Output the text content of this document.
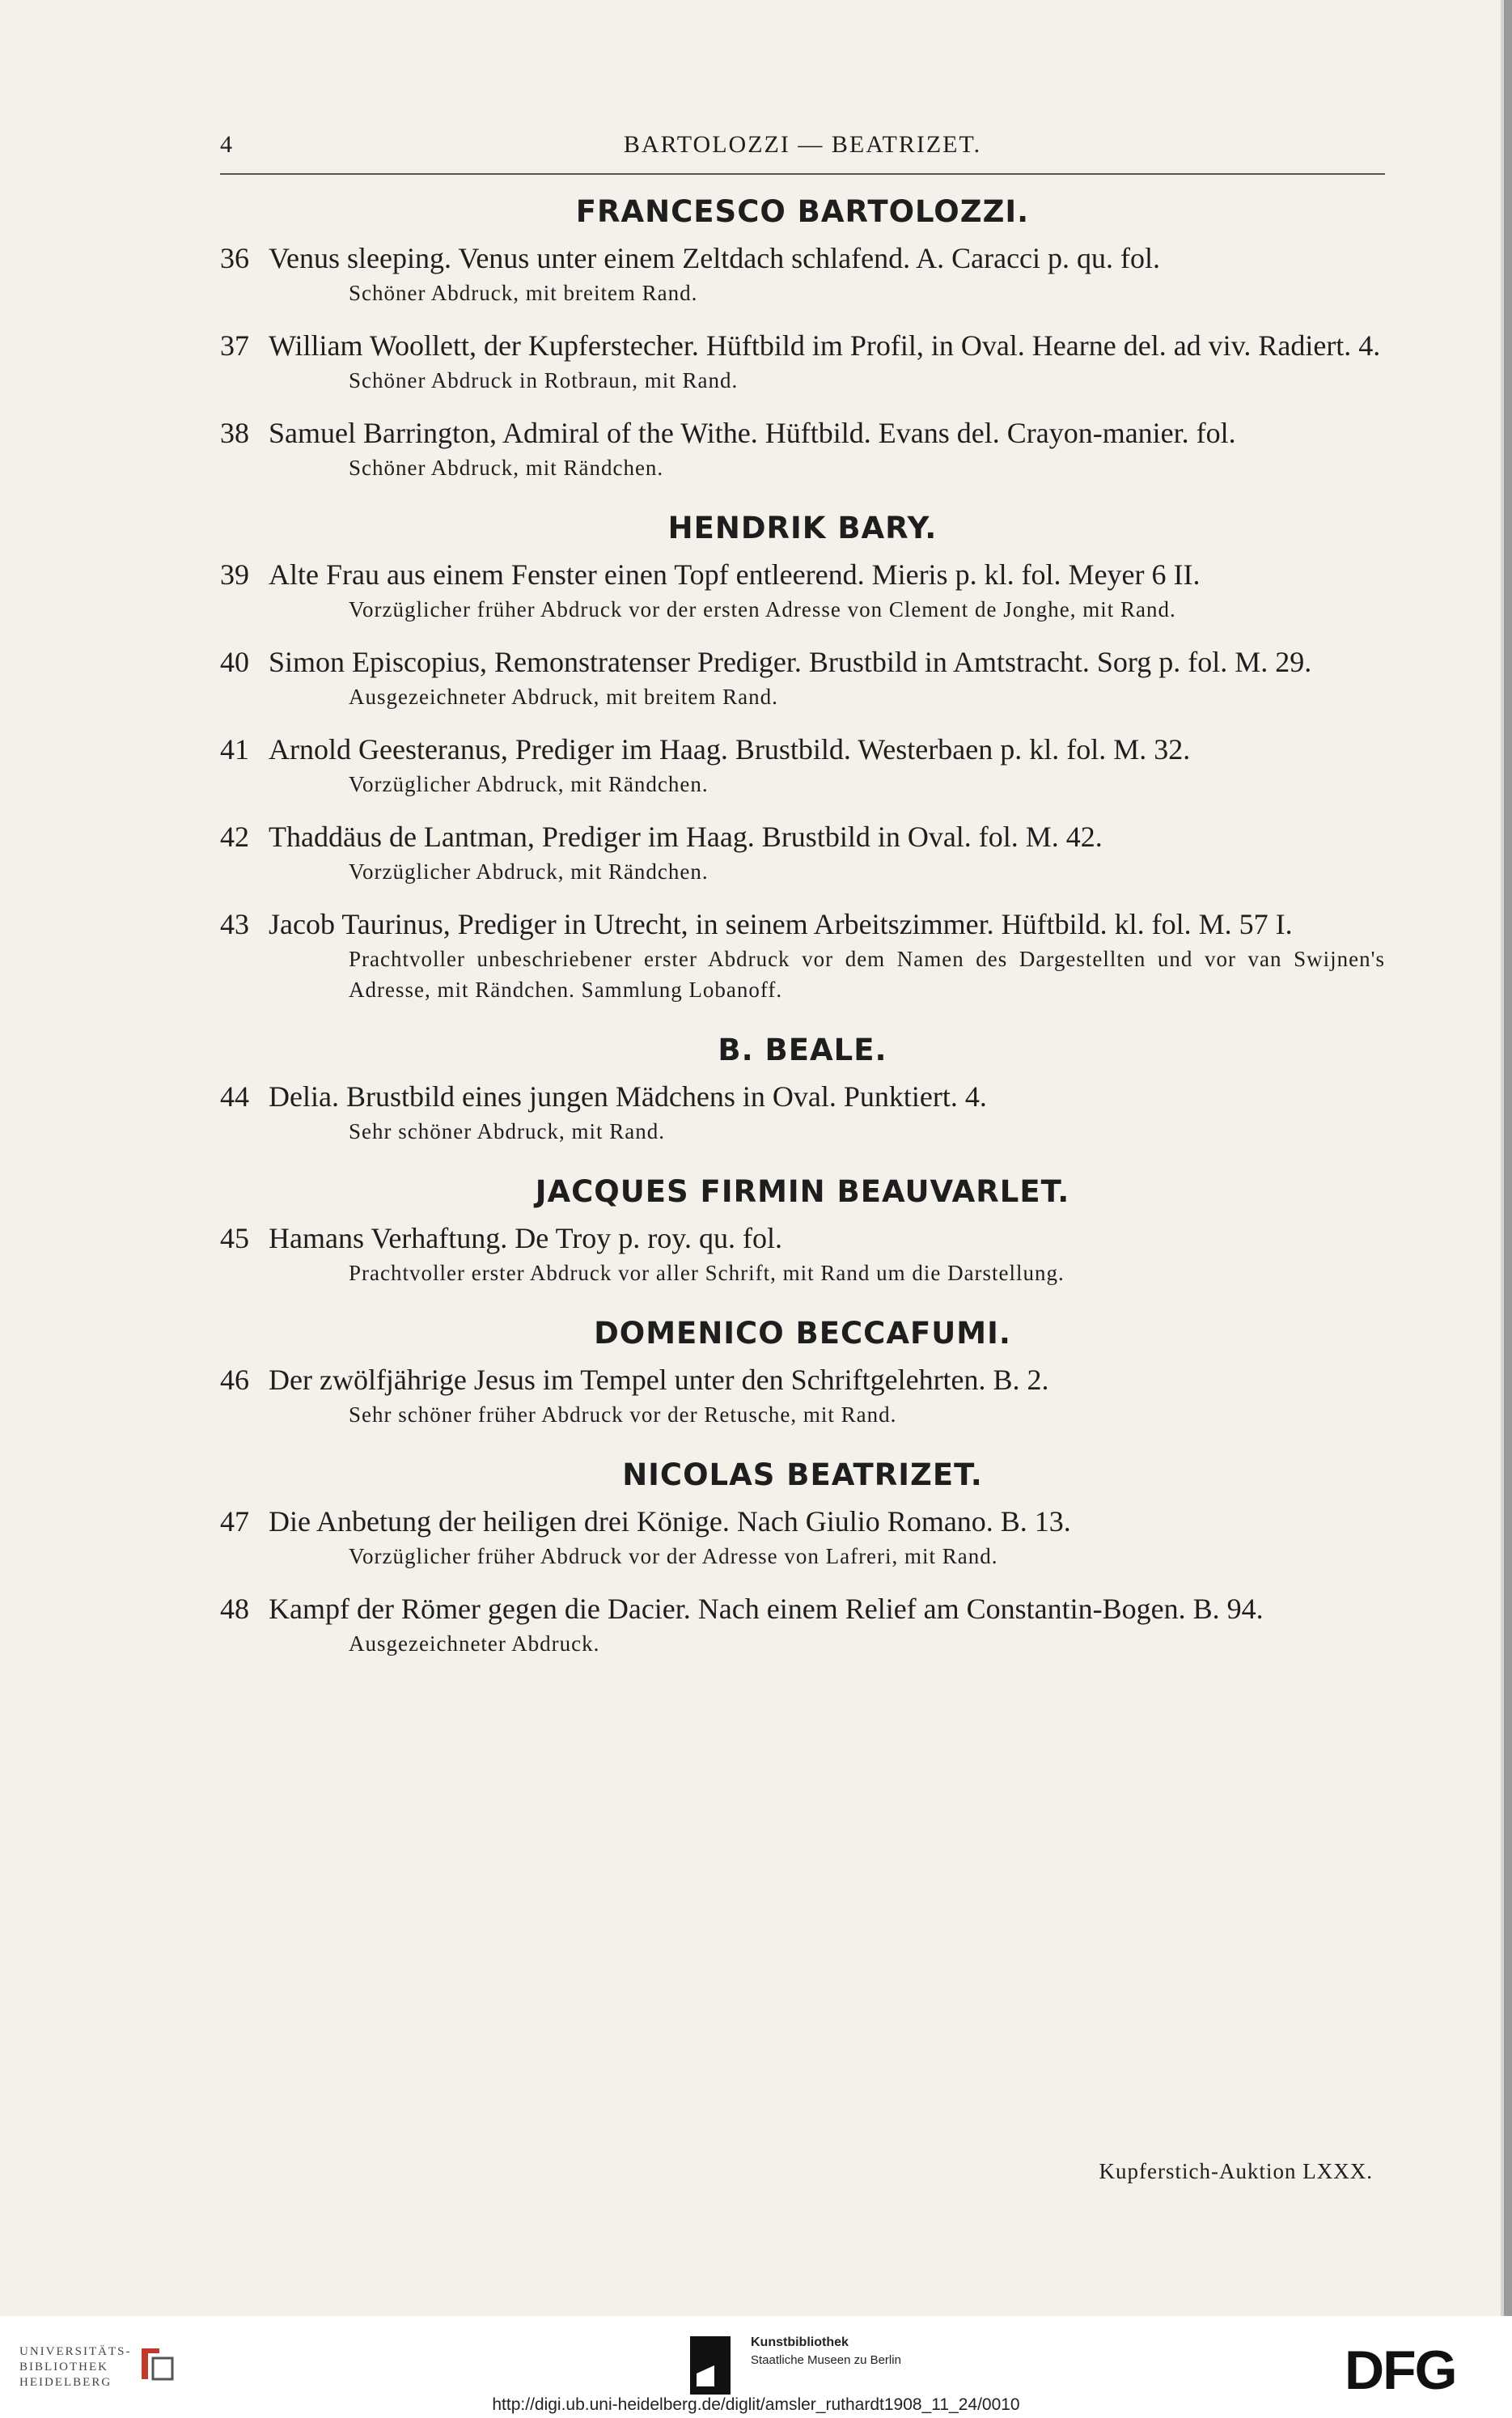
4	BARTOLOZZI — BEATRIZET.
FRANCESCO BARTOLOZZI.
36 Venus sleeping. Venus unter einem Zeltdach schlafend. A. Caracci p. qu. fol.
Schöner Abdruck, mit breitem Rand.
37 William Woollett, der Kupferstecher. Hüftbild im Profil, in Oval. Hearne del. ad viv. Radiert. 4.
Schöner Abdruck in Rotbraun, mit Rand.
38 Samuel Barrington, Admiral of the Withe. Hüftbild. Evans del. Crayon-manier. fol.
Schöner Abdruck, mit Rändchen.
HENDRIK BARY.
39 Alte Frau aus einem Fenster einen Topf entleerend. Mieris p. kl. fol. Meyer 6 II.
Vorzüglicher früher Abdruck vor der ersten Adresse von Clement de Jonghe, mit Rand.
40 Simon Episcopius, Remonstratenser Prediger. Brustbild in Amtstracht. Sorg p. fol. M. 29.
Ausgezeichneter Abdruck, mit breitem Rand.
41 Arnold Geesteranus, Prediger im Haag. Brustbild. Westerbaen p. kl. fol. M. 32.
Vorzüglicher Abdruck, mit Rändchen.
42 Thaddäus de Lantman, Prediger im Haag. Brustbild in Oval. fol. M. 42.
Vorzüglicher Abdruck, mit Rändchen.
43 Jacob Taurinus, Prediger in Utrecht, in seinem Arbeitszimmer. Hüftbild. kl. fol. M. 57 I.
Prachtvoller unbeschriebener erster Abdruck vor dem Namen des Dargestellten und vor van Swijnen's Adresse, mit Rändchen. Sammlung Lobanoff.
B. BEALE.
44 Delia. Brustbild eines jungen Mädchens in Oval. Punktiert. 4.
Sehr schöner Abdruck, mit Rand.
JACQUES FIRMIN BEAUVARLET.
45 Hamans Verhaftung. De Troy p. roy. qu. fol.
Prachtvoller erster Abdruck vor aller Schrift, mit Rand um die Darstellung.
DOMENICO BECCAFUMI.
46 Der zwölfjährige Jesus im Tempel unter den Schriftgelehrten. B. 2.
Sehr schöner früher Abdruck vor der Retusche, mit Rand.
NICOLAS BEATRIZET.
47 Die Anbetung der heiligen drei Könige. Nach Giulio Romano. B. 13.
Vorzüglicher früher Abdruck vor der Adresse von Lafreri, mit Rand.
48 Kampf der Römer gegen die Dacier. Nach einem Relief am Constantin-Bogen. B. 94.
Ausgezeichneter Abdruck.
Kupferstich-Auktion LXXX.
UNIVERSITÄTS-
BIBLIOTHEK
HEIDELBERG
Kunstbibliothek
Staatliche Museen zu Berlin	DFG
http://digi.ub.uni-heidelberg.de/diglit/amsler_ruthardt1908_11_24/0010
